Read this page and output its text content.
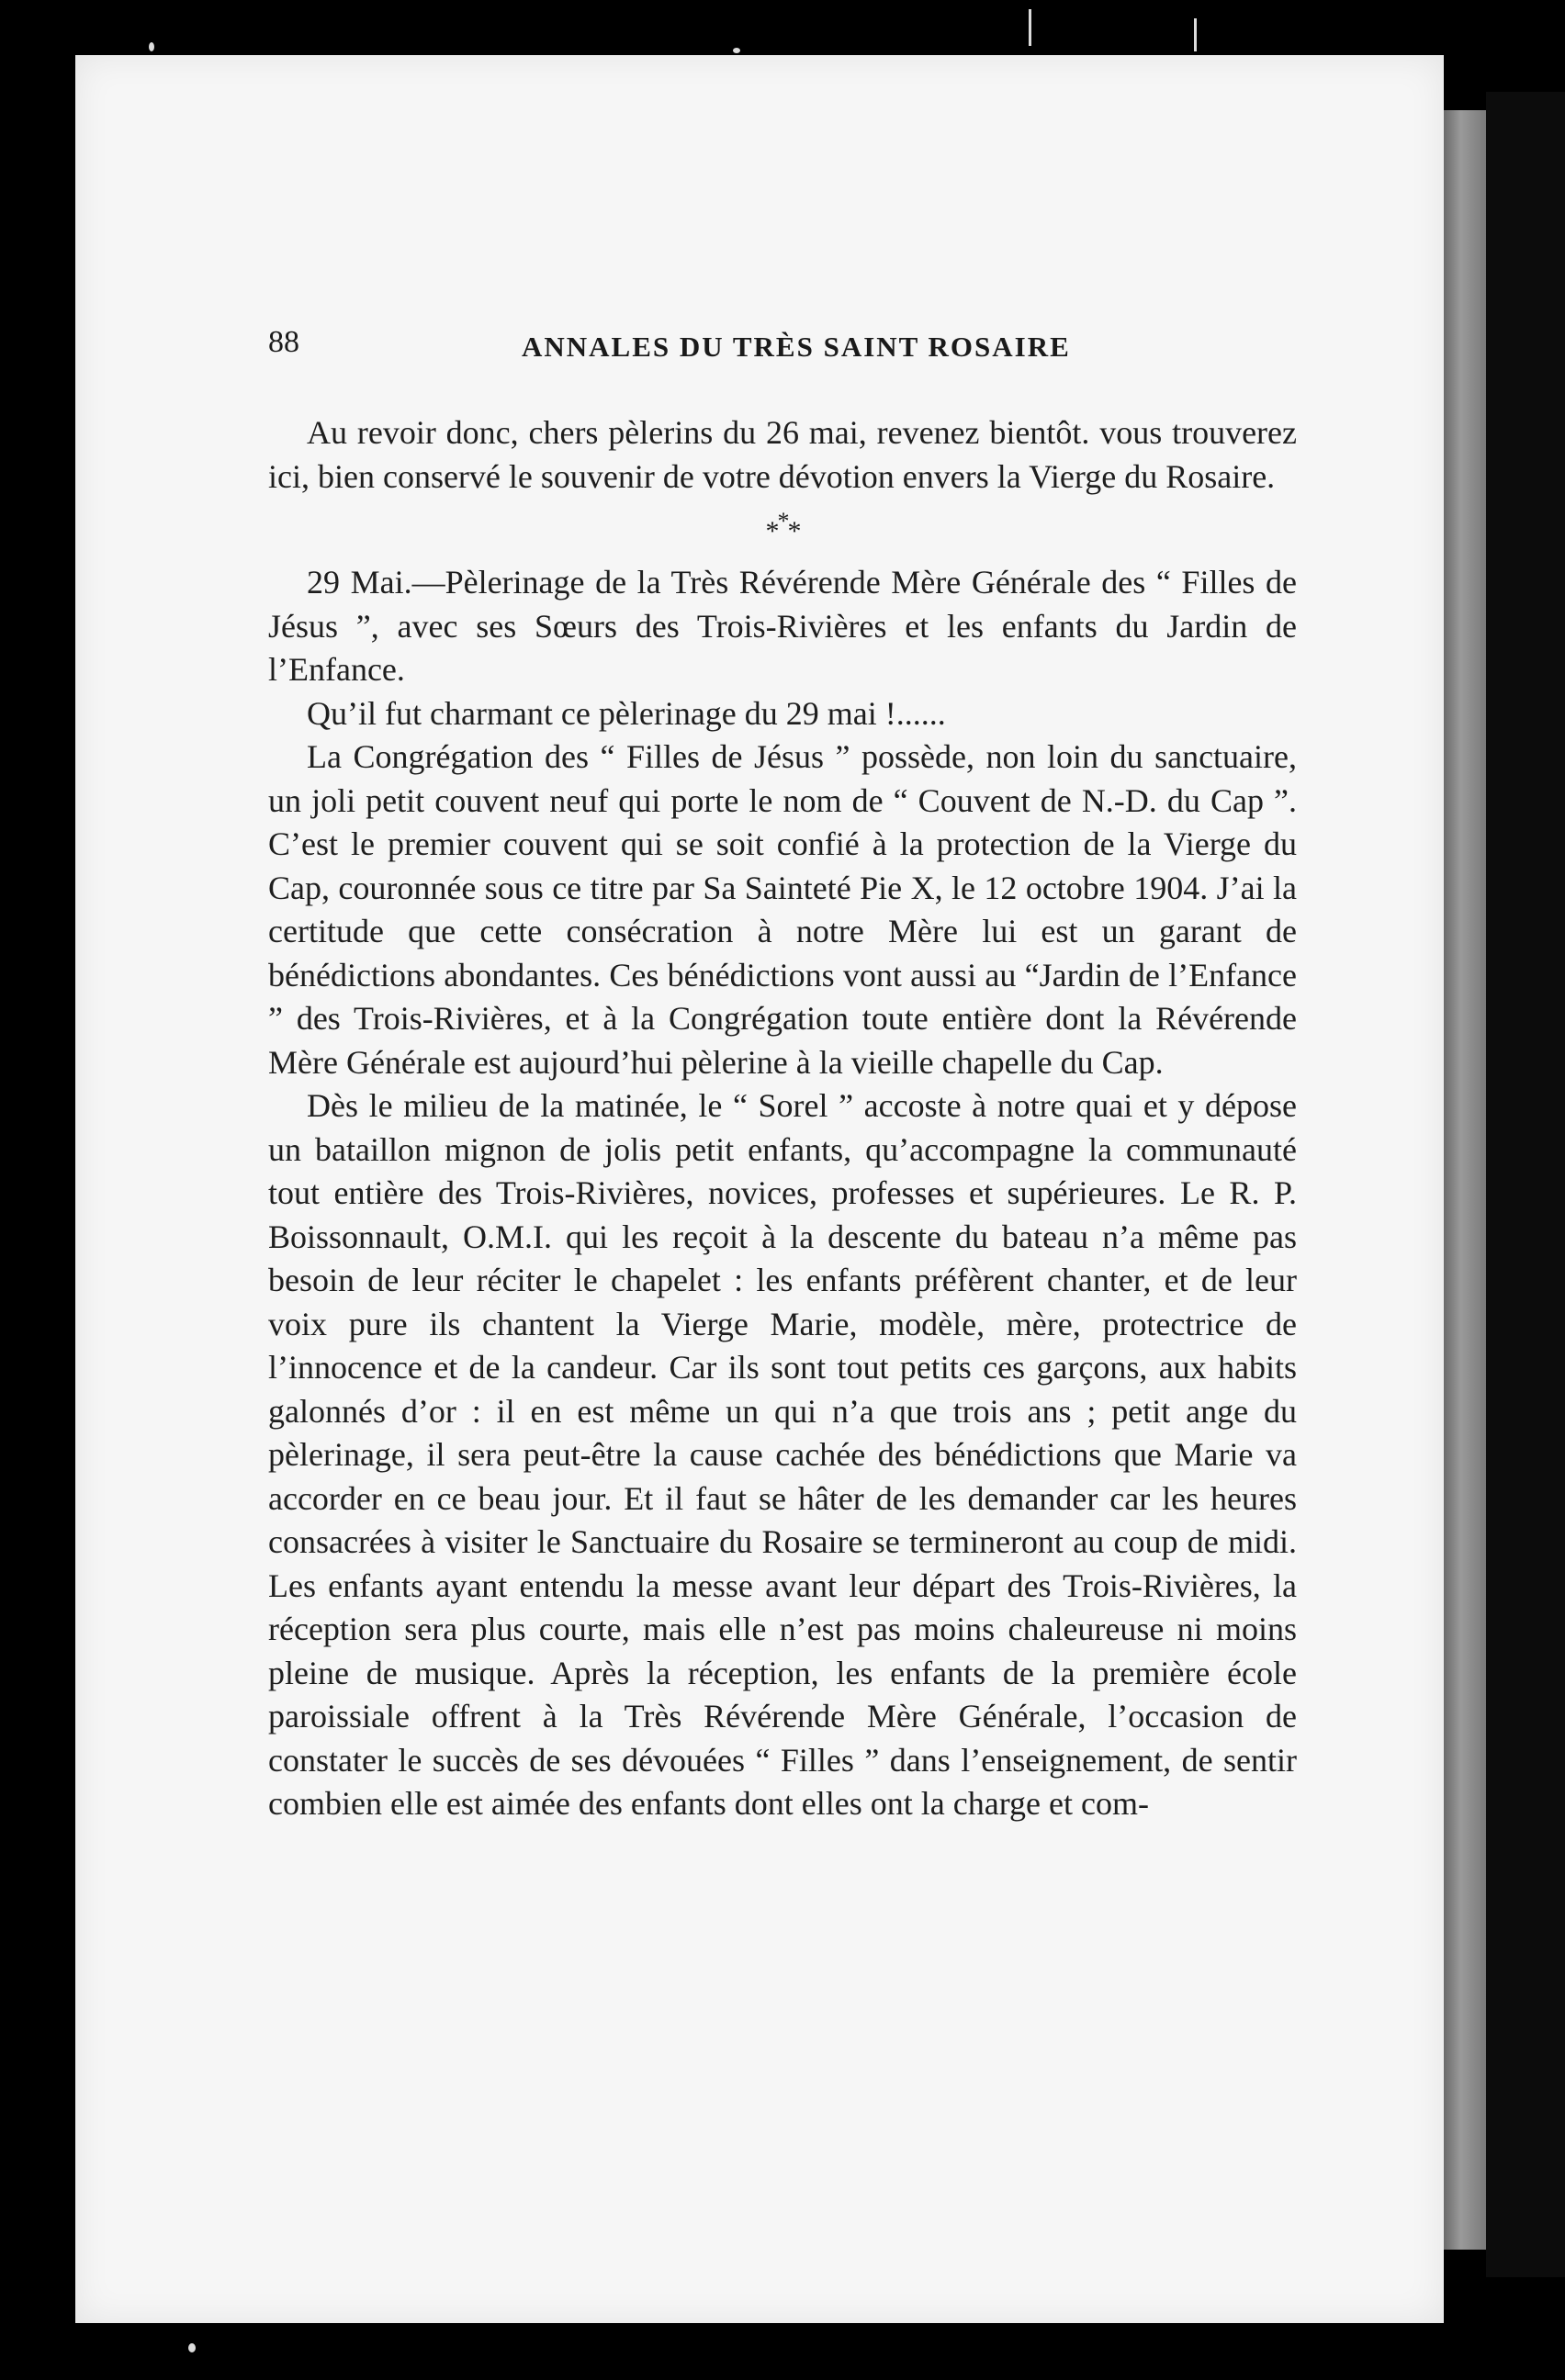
88	ANNALES DU TRÈS SAINT ROSAIRE

Au revoir donc, chers pèlerins du 26 mai, revenez bientôt. vous trouverez ici, bien conservé le souvenir de votre dévotion envers la Vierge du Rosaire.

***

29 Mai.—Pèlerinage de la Très Révérende Mère Générale des “ Filles de Jésus ”, avec ses Sœurs des Trois-Rivières et les enfants du Jardin de l’Enfance.

Qu’il fut charmant ce pèlerinage du 29 mai !......

La Congrégation des “ Filles de Jésus ” possède, non loin du sanctuaire, un joli petit couvent neuf qui porte le nom de “ Couvent de N.-D. du Cap ”. C’est le premier couvent qui se soit confié à la protection de la Vierge du Cap, couronnée sous ce titre par Sa Sainteté Pie X, le 12 octobre 1904. J’ai la certitude que cette consécration à notre Mère lui est un garant de bénédictions abondantes. Ces bénédictions vont aussi au “Jardin de l’Enfance ” des Trois-Rivières, et à la Congrégation toute entière dont la Révérende Mère Générale est aujourd’hui pèlerine à la vieille chapelle du Cap.

Dès le milieu de la matinée, le “ Sorel ” accoste à notre quai et y dépose un bataillon mignon de jolis petit enfants, qu’accompagne la communauté tout entière des Trois-Rivières, novices, professes et supérieures. Le R. P. Boissonnault, O.M.I. qui les reçoit à la descente du bateau n’a même pas besoin de leur réciter le chapelet : les enfants préfèrent chanter, et de leur voix pure ils chantent la Vierge Marie, modèle, mère, protectrice de l’innocence et de la candeur. Car ils sont tout petits ces garçons, aux habits galonnés d’or : il en est même un qui n’a que trois ans ; petit ange du pèlerinage, il sera peut-être la cause cachée des bénédictions que Marie va accorder en ce beau jour. Et il faut se hâter de les demander car les heures consacrées à visiter le Sanctuaire du Rosaire se termineront au coup de midi. Les enfants ayant entendu la messe avant leur départ des Trois-Rivières, la réception sera plus courte, mais elle n’est pas moins chaleureuse ni moins pleine de musique. Après la réception, les enfants de la première école paroissiale offrent à la Très Révérende Mère Générale, l’occasion de constater le succès de ses dévouées “ Filles ” dans l’enseignement, de sentir combien elle est aimée des enfants dont elles ont la charge et com-
